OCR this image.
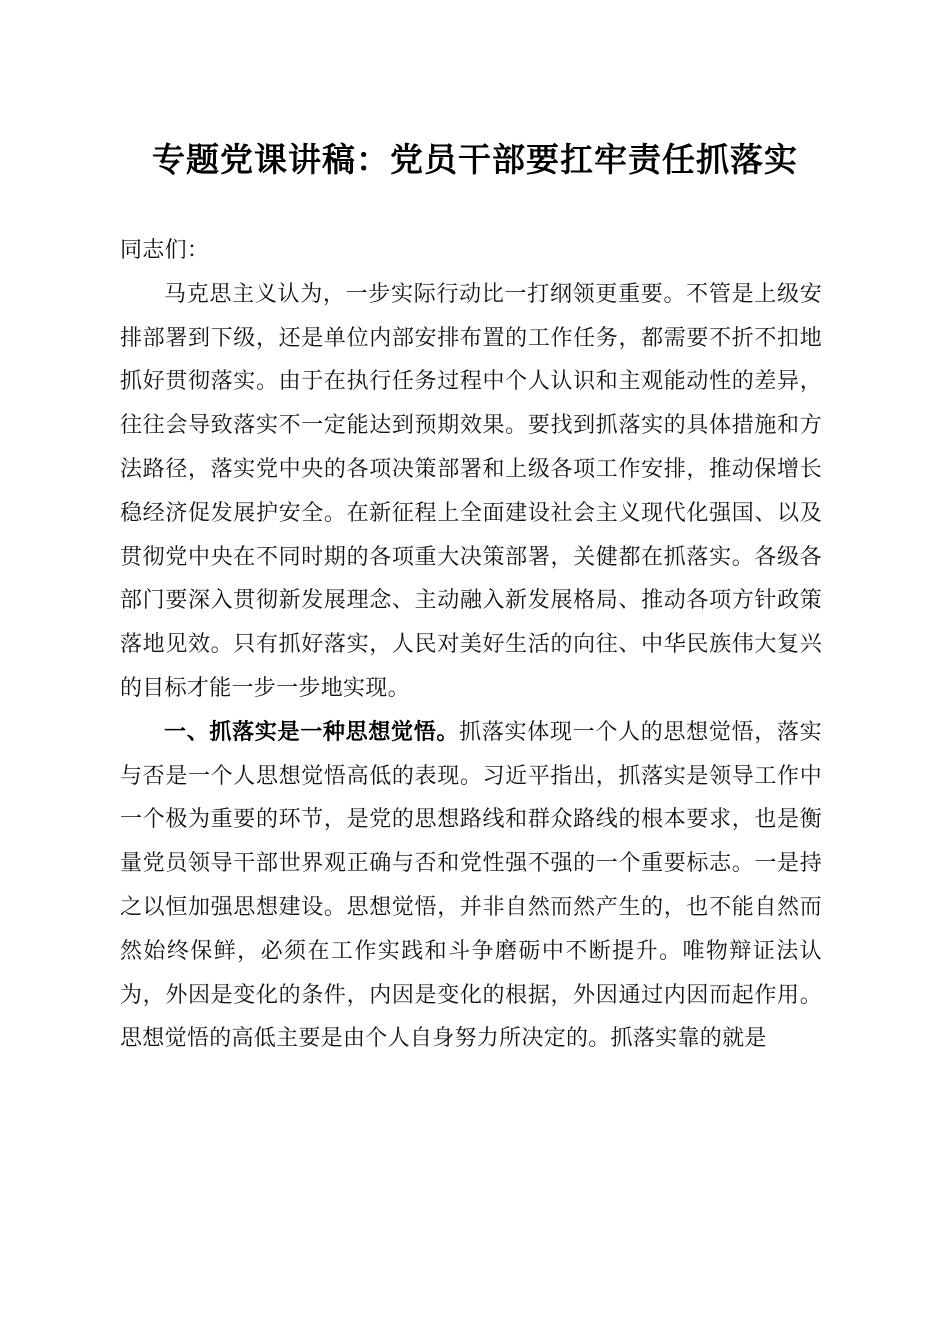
专题党课讲稿：党员干部要扛牢责任抓落实

同志们：

马克思主义认为，一步实际行动比一打纲领更重要。不管是上级安排部署到下级，还是单位内部安排布置的工作任务，都需要不折不扣地抓好贯彻落实。由于在执行任务过程中个人认识和主观能动性的差异，往往会导致落实不一定能达到预期效果。要找到抓落实的具体措施和方法路径，落实党中央的各项决策部署和上级各项工作安排，推动保增长稳经济促发展护安全。在新征程上全面建设社会主义现代化强国、以及贯彻党中央在不同时期的各项重大决策部署，关健都在抓落实。各级各部门要深入贯彻新发展理念、主动融入新发展格局、推动各项方针政策落地见效。只有抓好落实，人民对美好生活的向往、中华民族伟大复兴的目标才能一步一步地实现。

一、抓落实是一种思想觉悟。抓落实体现一个人的思想觉悟，落实与否是一个人思想觉悟高低的表现。习近平指出，抓落实是领导工作中一个极为重要的环节，是党的思想路线和群众路线的根本要求，也是衡量党员领导干部世界观正确与否和党性强不强的一个重要标志。一是持之以恒加强思想建设。思想觉悟，并非自然而然产生的，也不能自然而然始终保鲜，必须在工作实践和斗争磨砺中不断提升。唯物辩证法认为，外因是变化的条件，内因是变化的根据，外因通过内因而起作用。思想觉悟的高低主要是由个人自身努力所决定的。抓落实靠的就是
